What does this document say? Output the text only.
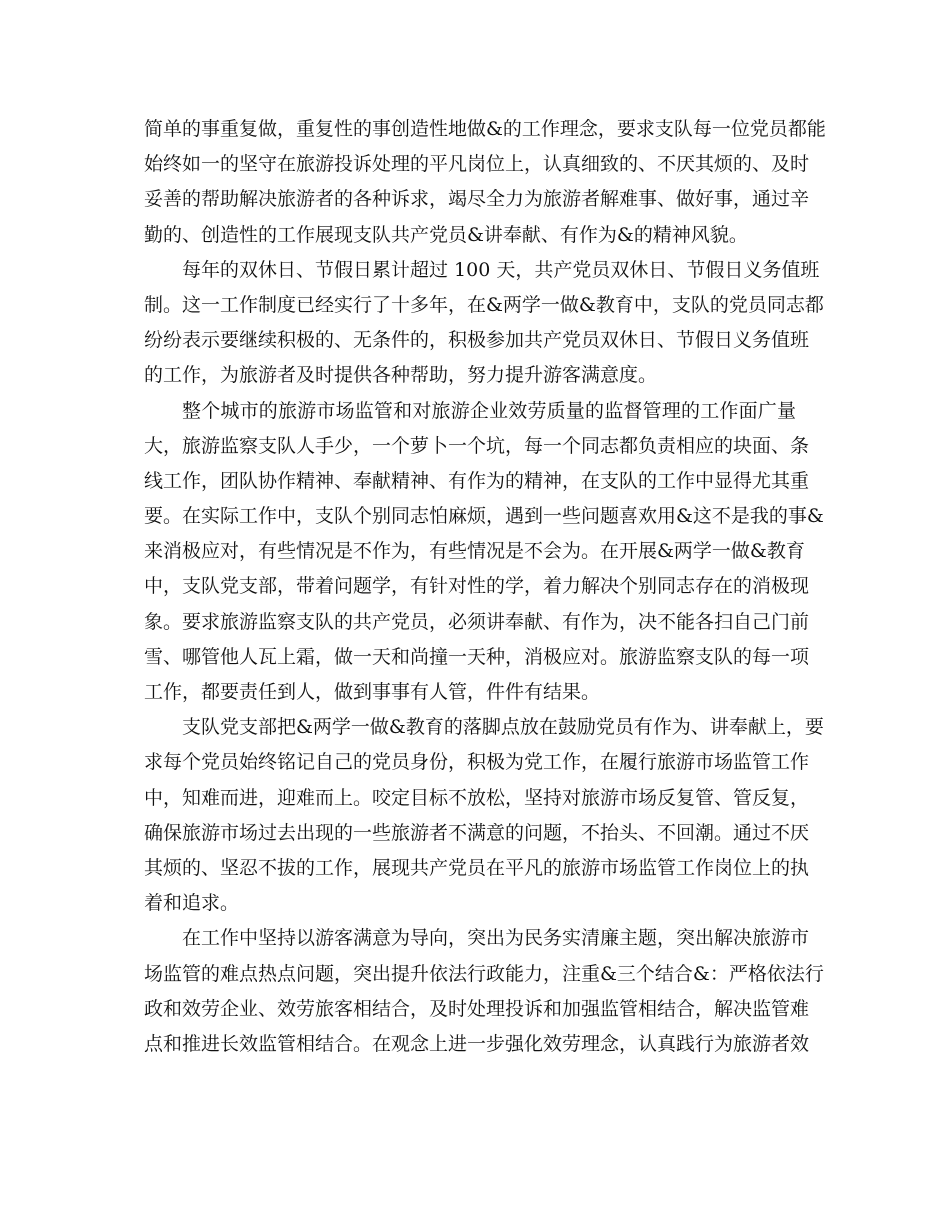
简单的事重复做，重复性的事创造性地做&的工作理念，要求支队每一位党员都能
始终如一的坚守在旅游投诉处理的平凡岗位上，认真细致的、不厌其烦的、及时
妥善的帮助解决旅游者的各种诉求，竭尽全力为旅游者解难事、做好事，通过辛
勤的、创造性的工作展现支队共产党员&讲奉献、有作为&的精神风貌。
每年的双休日、节假日累计超过 100 天，共产党员双休日、节假日义务值班
制。这一工作制度已经实行了十多年，在&两学一做&教育中，支队的党员同志都
纷纷表示要继续积极的、无条件的，积极参加共产党员双休日、节假日义务值班
的工作，为旅游者及时提供各种帮助，努力提升游客满意度。
整个城市的旅游市场监管和对旅游企业效劳质量的监督管理的工作面广量
大，旅游监察支队人手少，一个萝卜一个坑，每一个同志都负责相应的块面、条
线工作，团队协作精神、奉献精神、有作为的精神，在支队的工作中显得尤其重
要。在实际工作中，支队个别同志怕麻烦，遇到一些问题喜欢用&这不是我的事&
来消极应对，有些情况是不作为，有些情况是不会为。在开展&两学一做&教育
中，支队党支部，带着问题学，有针对性的学，着力解决个别同志存在的消极现
象。要求旅游监察支队的共产党员，必须讲奉献、有作为，决不能各扫自己门前
雪、哪管他人瓦上霜，做一天和尚撞一天种，消极应对。旅游监察支队的每一项
工作，都要责任到人，做到事事有人管，件件有结果。
支队党支部把&两学一做&教育的落脚点放在鼓励党员有作为、讲奉献上，要
求每个党员始终铭记自己的党员身份，积极为党工作，在履行旅游市场监管工作
中，知难而进，迎难而上。咬定目标不放松，坚持对旅游市场反复管、管反复，
确保旅游市场过去出现的一些旅游者不满意的问题，不抬头、不回潮。通过不厌
其烦的、坚忍不拔的工作，展现共产党员在平凡的旅游市场监管工作岗位上的执
着和追求。
在工作中坚持以游客满意为导向，突出为民务实清廉主题，突出解决旅游市
场监管的难点热点问题，突出提升依法行政能力，注重&三个结合&：严格依法行
政和效劳企业、效劳旅客相结合，及时处理投诉和加强监管相结合，解决监管难
点和推进长效监管相结合。在观念上进一步强化效劳理念，认真践行为旅游者效
